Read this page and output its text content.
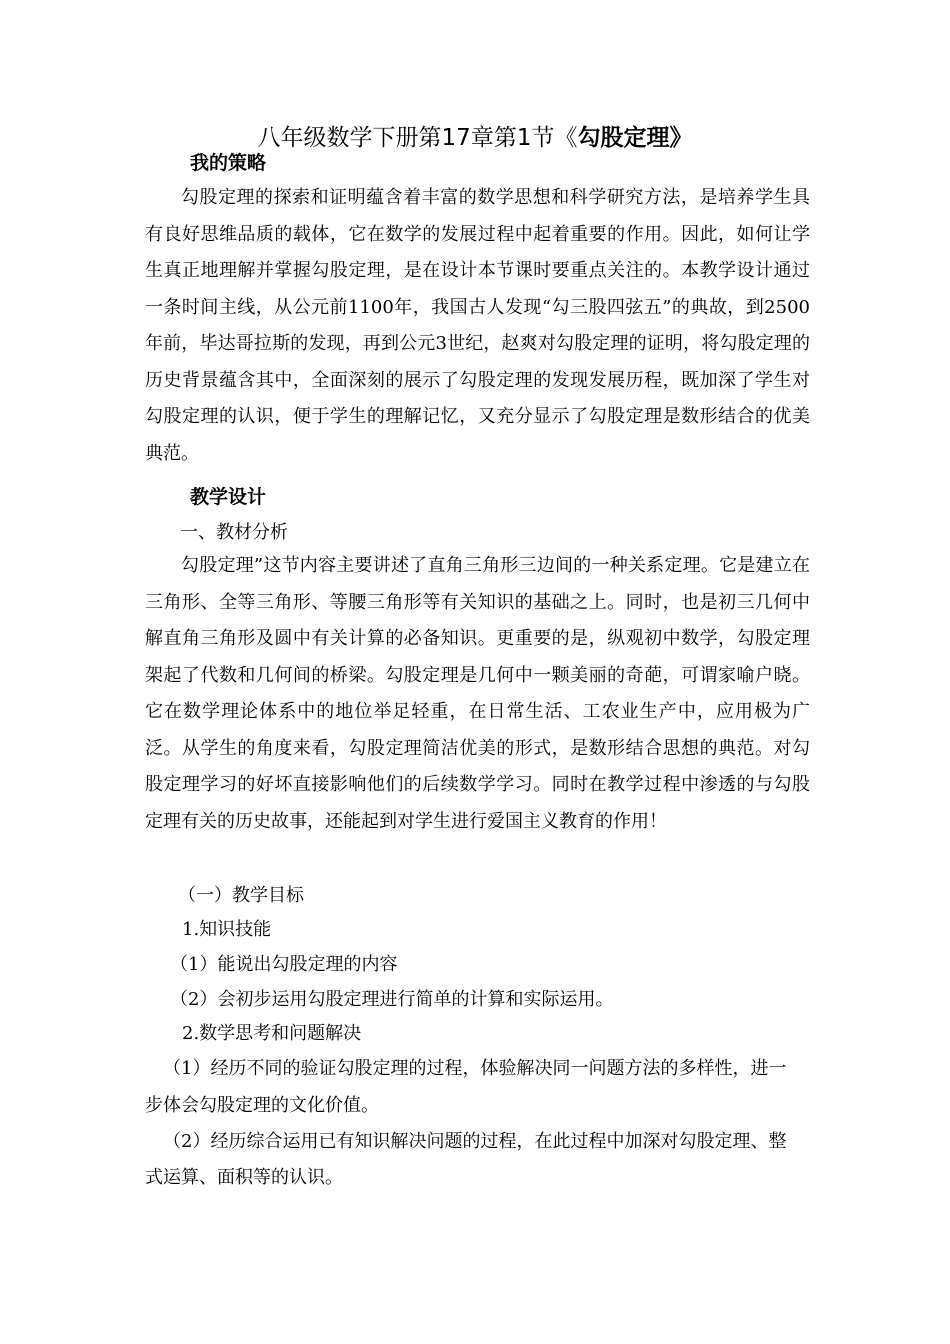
八年级数学下册第17章第1节《勾股定理》
我的策略
勾股定理的探索和证明蕴含着丰富的数学思想和科学研究方法，是培养学生具有良好思维品质的载体，它在数学的发展过程中起着重要的作用。因此，如何让学生真正地理解并掌握勾股定理，是在设计本节课时要重点关注的。本教学设计通过一条时间主线，从公元前1100年，我国古人发现“勾三股四弦五”的典故，到2500年前，毕达哥拉斯的发现，再到公元3世纪，赵爽对勾股定理的证明，将勾股定理的历史背景蕴含其中，全面深刻的展示了勾股定理的发现发展历程，既加深了学生对勾股定理的认识，便于学生的理解记忆，又充分显示了勾股定理是数形结合的优美典范。
教学设计
一、教材分析
勾股定理”这节内容主要讲述了直角三角形三边间的一种关系定理。它是建立在三角形、全等三角形、等腰三角形等有关知识的基础之上。同时，也是初三几何中解直角三角形及圆中有关计算的必备知识。更重要的是，纵观初中数学，勾股定理架起了代数和几何间的桥梁。勾股定理是几何中一颗美丽的奇葩，可谓家喻户晓。它在数学理论体系中的地位举足轻重，在日常生活、工农业生产中，应用极为广泛。从学生的角度来看，勾股定理简洁优美的形式，是数形结合思想的典范。对勾股定理学习的好坏直接影响他们的后续数学学习。同时在教学过程中渗透的与勾股定理有关的历史故事，还能起到对学生进行爱国主义教育的作用！
（一）教学目标
1.知识技能
（1）能说出勾股定理的内容
（2）会初步运用勾股定理进行简单的计算和实际运用。
2.数学思考和问题解决
（1）经历不同的验证勾股定理的过程，体验解决同一问题方法的多样性，进一
步体会勾股定理的文化价值。
（2）经历综合运用已有知识解决问题的过程，在此过程中加深对勾股定理、整
式运算、面积等的认识。
